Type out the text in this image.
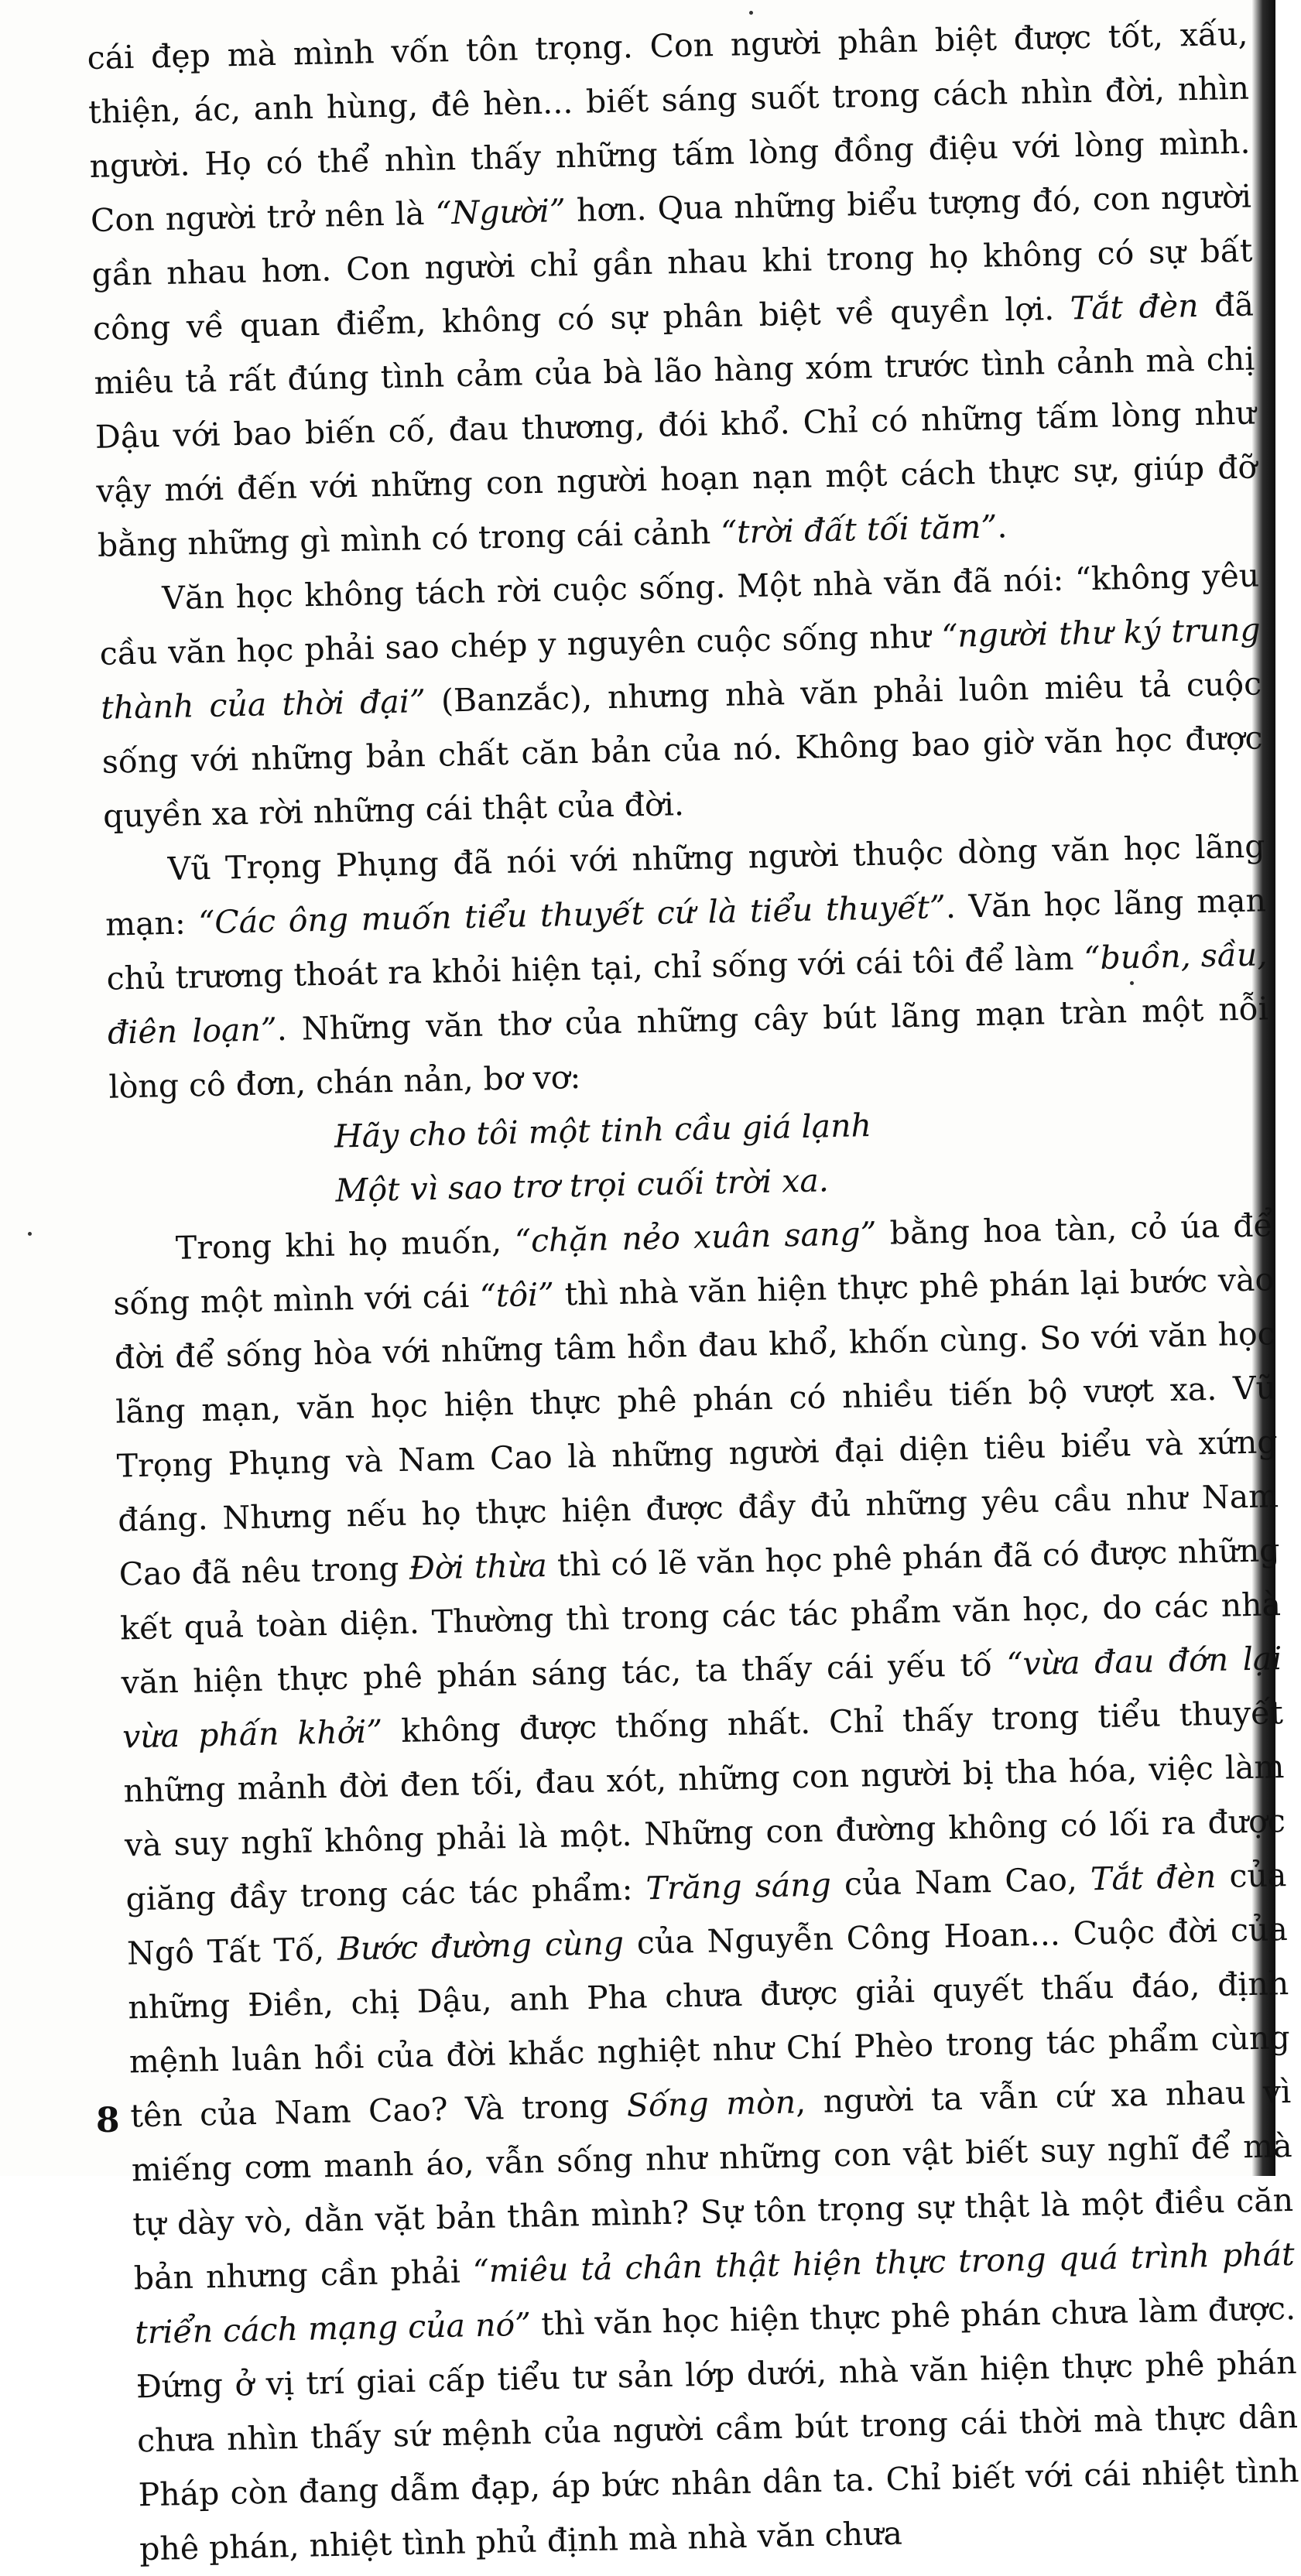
cái đẹp mà mình vốn tôn trọng. Con người phân biệt được tốt, xấu, thiện, ác, anh hùng, đê hèn... biết sáng suốt trong cách nhìn đời, nhìn người. Họ có thể nhìn thấy những tấm lòng đồng điệu với lòng mình. Con người trở nên là “Người” hơn. Qua những biểu tượng đó, con người gần nhau hơn. Con người chỉ gần nhau khi trong họ không có sự bất công về quan điểm, không có sự phân biệt về quyền lợi. Tắt đèn đã miêu tả rất đúng tình cảm của bà lão hàng xóm trước tình cảnh mà chị Dậu với bao biến cố, đau thương, đói khổ. Chỉ có những tấm lòng như vậy mới đến với những con người hoạn nạn một cách thực sự, giúp đỡ bằng những gì mình có trong cái cảnh “trời đất tối tăm”.

Văn học không tách rời cuộc sống. Một nhà văn đã nói: “không yêu cầu văn học phải sao chép y nguyên cuộc sống như “người thư ký trung thành của thời đại” (Banzắc), nhưng nhà văn phải luôn miêu tả cuộc sống với những bản chất căn bản của nó. Không bao giờ văn học được quyền xa rời những cái thật của đời.

Vũ Trọng Phụng đã nói với những người thuộc dòng văn học lãng mạn: “Các ông muốn tiểu thuyết cứ là tiểu thuyết”. Văn học lãng mạn chủ trương thoát ra khỏi hiện tại, chỉ sống với cái tôi để làm “buồn, sầu, điên loạn”. Những văn thơ của những cây bút lãng mạn tràn một nỗi lòng cô đơn, chán nản, bơ vơ:

Hãy cho tôi một tinh cầu giá lạnh
Một vì sao trơ trọi cuối trời xa.

Trong khi họ muốn, “chặn nẻo xuân sang” bằng hoa tàn, cỏ úa để sống một mình với cái “tôi” thì nhà văn hiện thực phê phán lại bước vào đời để sống hòa với những tâm hồn đau khổ, khốn cùng. So với văn học lãng mạn, văn học hiện thực phê phán có nhiều tiến bộ vượt xa. Vũ Trọng Phụng và Nam Cao là những người đại diện tiêu biểu và xứng đáng. Nhưng nếu họ thực hiện được đầy đủ những yêu cầu như Nam Cao đã nêu trong Đời thừa thì có lẽ văn học phê phán đã có được những kết quả toàn diện. Thường thì trong các tác phẩm văn học, do các nhà văn hiện thực phê phán sáng tác, ta thấy cái yếu tố “vừa đau đớn lại vừa phấn khởi” không được thống nhất. Chỉ thấy trong tiểu thuyết những mảnh đời đen tối, đau xót, những con người bị tha hóa, việc làm và suy nghĩ không phải là một. Những con đường không có lối ra được giăng đầy trong các tác phẩm: Trăng sáng của Nam Cao, Tắt đèn của Ngô Tất Tố, Bước đường cùng của Nguyễn Công Hoan... Cuộc đời của những Điền, chị Dậu, anh Pha chưa được giải quyết thấu đáo, định mệnh luân hồi của đời khắc nghiệt như Chí Phèo trong tác phẩm cùng tên của Nam Cao? Và trong Sống mòn, người ta vẫn cứ xa nhau vì miếng cơm manh áo, vẫn sống như những con vật biết suy nghĩ để mà tự dày vò, dằn vặt bản thân mình? Sự tôn trọng sự thật là một điều căn bản nhưng cần phải “miêu tả chân thật hiện thực trong quá trình phát triển cách mạng của nó” thì văn học hiện thực phê phán chưa làm được. Đứng ở vị trí giai cấp tiểu tư sản lớp dưới, nhà văn hiện thực phê phán chưa nhìn thấy sứ mệnh của người cầm bút trong cái thời mà thực dân Pháp còn đang dẫm đạp, áp bức nhân dân ta. Chỉ biết với cái nhiệt tình phê phán, nhiệt tình phủ định mà nhà văn chưa

8
